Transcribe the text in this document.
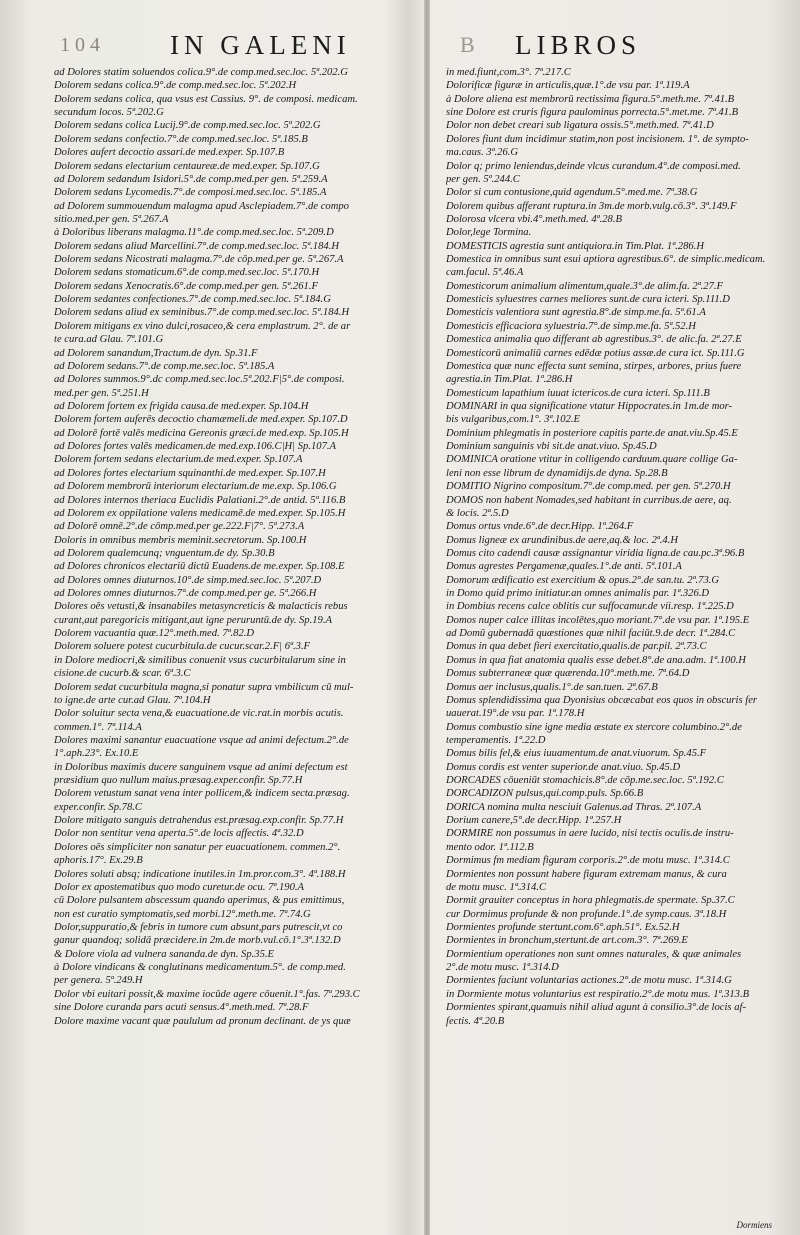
IN GALENI	LIBROS
104	B
ad Dolores statim soluendos colica.9°.de comp.med.sec.loc. 5ª.202.G
Dolorem sedans colica.9°.de comp.med.sec.loc. 5ª.202.H
Dolorem sedans colica, qua vsus est Cassius. 9°. de composi. medicam.
secundum locos. 5ª.202.G
Dolorem sedans colica Lucij.9°.de comp.med.sec.loc. 5ª.202.G
Dolorem sedans confectio.7°.de comp.med.sec.loc. 5ª.185.B
Dolores aufert decoctio assari.de med.exper. Sp.107.B
Dolorem sedans electarium centaureæ.de med.exper. Sp.107.G
ad Dolorem sedandum Isidori.5°.de comp.med.per gen. 5ª.259.A
Dolorem sedans Lycomedis.7°.de composi.med.sec.loc. 5ª.185.A
ad Dolorem summouendum malagma apud Asclepiadem.7°.de compo
sitio.med.per gen. 5ª.267.A
à Doloribus liberans malagma.11°.de comp.med.sec.loc. 5ª.209.D
Dolorem sedans aliud Marcellini.7°.de comp.med.sec.loc. 5ª.184.H
Dolorem sedans Nicostrati malagma.7°.de cōp.med.per ge. 5ª.267.A
Dolorem sedans stomaticum.6°.de comp.med.sec.loc. 5ª.170.H
Dolorem sedans Xenocratis.6°.de comp.med.per gen. 5ª.261.F
Dolorem sedantes confectiones.7°.de comp.med.sec.loc. 5ª.184.G
Dolorem sedans aliud ex seminibus.7°.de comp.med.sec.loc. 5ª.184.H
Dolorem mitigans ex vino dulci,rosaceo,& cera emplastrum. 2°. de ar
te cura.ad Glau. 7ª.101.G
ad Dolorem sanandum,Tractum.de dyn. Sp.31.F
ad Dolorem sedans.7°.de comp.me.sec.loc. 5ª.185.A
ad Dolores summos.9°.dc comp.med.sec.loc.5ª.202.F|5°.de composi.
med.per gen. 5ª.251.H
ad Dolorem fortem ex frigida causa.de med.exper. Sp.104.H
Dolorem fortem auferēs decoctio chamæmeli.de med.exper. Sp.107.D
ad Dolorē fortē valēs medicina Gereonis græci.de med.exp. Sp.105.H
ad Dolores fortes valēs medicamen.de med.exp.106.C|H| Sp.107.A
Dolorem fortem sedans electarium.de med.exper. Sp.107.A
ad Dolores fortes electarium squinanthi.de med.exper. Sp.107.H
ad Dolorem membrorū interiorum electarium.de me.exp. Sp.106.G
ad Dolores internos theriaca Euclidis Palatiani.2°.de antid. 5ª.116.B
ad Dolorem ex oppilatione valens medicamē.de med.exper. Sp.105.H
ad Dolorē omnē.2°.de cōmp.med.per ge.222.F|7°. 5ª.273.A
Doloris in omnibus membris meminit.secretorum. Sp.100.H
ad Dolorem qualemcunq; vnguentum.de dy. Sp.30.B
ad Dolores chronicos electariū dictū Euadens.de me.exper. Sp.108.E
ad Dolores omnes diuturnos.10°.de simp.med.sec.loc. 5ª.207.D
ad Dolores omnes diuturnos.7°.de comp.med.per ge. 5ª.266.H
Dolores oēs vetusti,& insanabiles metasyncreticis & malacticis rebus
curant,aut paregoricis mitigant,aut igne peruruntū.de dy. Sp.19.A
Dolorem vacuantia quæ.12°.meth.med. 7ª.82.D
Dolorem soluere potest cucurbitula.de cucur.scar.2.F| 6ª.3.F
in Dolore mediocri,& similibus conuenit vsus cucurbitularum sine in
cisione.de cucurb.& scar. 6ª.3.C
Dolorem sedat cucurbitula magna,si ponatur supra vmbilicum cū mul-
to igne.de arte cur.ad Glau. 7ª.104.H
Dolor soluitur secta vena,& euacuatione.de vic.rat.in morbis acutis.
commen.1°. 7ª.114.A
Dolores maximi sanantur euacuatione vsque ad animi defectum.2°.de
1°.aph.23°. Ex.10.E
in Doloribus maximis ducere sanguinem vsque ad animi defectum est
præsidium quo nullum maius.præsag.exper.confir. Sp.77.H
Dolorem vetustum sanat vena inter pollicem,& indicem secta.præsag.
exper.confir. Sp.78.C
Dolore mitigato sanguis detrahendus est.præsag.exp.confir. Sp.77.H
Dolor non sentitur vena aperta.5°.de locis affectis. 4ª.32.D
Dolores oēs simpliciter non sanatur per euacuationem. commen.2°.
aphoris.17°. Ex.29.B
Dolores soluti absq; indicatione inutiles.in 1m.pror.com.3°. 4ª.188.H
Dolor ex apostematibus quo modo curetur.de ocu. 7ª.190.A
cū Dolore pulsantem abscessum quando aperimus, & pus emittimus,
non est curatio symptomatis,sed morbi.12°.meth.me. 7ª.74.G
Dolor,suppuratio,& febris in tumore cum absunt,pars putrescit,vt co
ganur quandoq; solidā præcidere.in 2m.de morb.vul.cō.1°.3ª.132.D
& Dolore viola ad vulnera sananda.de dyn. Sp.35.E
à Dolore vindicans & conglutinans medicamentum.5°. de comp.med.
per genera. 5ª.249.H
Dolor vbi euitari possit,& maxime iocūde agere cōuenit.1°.fas. 7ª.293.C
sine Dolore curanda pars acuti sensus.4°.meth.med. 7ª.28.F
Dolore maxime vacant quæ paululum ad pronum declinant. de ys quæ
in med.fiunt,com.3°. 7ª.217.C
Dolorificæ figuræ in articulis,quæ.1°.de vsu par. 1ª.119.A
à Dolore aliena est membrorū rectissima figura.5°.meth.me. 7ª.41.B
sine Dolore est cruris figura paulominus porrecta.5°.met.me. 7ª.41.B
Dolor non debet creari sub ligatura ossis.5°.meth.med. 7ª.41.D
Dolores fiunt dum incidimur statim,non post incisionem. 1°. de sympto-
ma.caus. 3ª.26.G
Dolor q; primo leniendus,deinde vlcus curandum.4°.de composi.med.
per gen. 5ª.244.C
Dolor si cum contusione,quid agendum.5°.med.me. 7ª.38.G
Dolorem quibus afferant ruptura.in 3m.de morb.vulg.cō.3°. 3ª.149.F
Dolorosa vlcera vbi.4°.meth.med. 4ª.28.B
Dolor,lege Tormina.
DOMESTICIS agrestia sunt antiquiora.in Tim.Plat. 1ª.286.H
Domestica in omnibus sunt esui aptiora agrestibus.6°. de simplic.medicam.
cam.facul. 5ª.46.A
Domesticorum animalium alimentum,quale.3°.de alim.fa. 2ª.27.F
Domesticis syluestres carnes meliores sunt.de cura icteri. Sp.111.D
Domesticis valentiora sunt agrestia.8°.de simp.me.fa. 5ª.61.A
Domesticis efficaciora syluestria.7°.de simp.me.fa. 5ª.52.H
Domestica animalia quo differant ab agrestibus.3°. de alic.fa. 2ª.27.E
Domesticorū animaliū carnes edēdæ potius assæ.de cura ict. Sp.111.G
Domestica quæ nunc effecta sunt semina, stirpes, arbores, prius fuere
agrestia.in Tim.Plat. 1ª.286.H
Domesticum lapathium iuuat ictericos.de cura icteri. Sp.111.B
DOMINARI in qua significatione vtatur Hippocrates.in 1m.de mor-
bis vulgaribus,com.1°. 3ª.102.E
Dominium phlegmatis in posteriore capitis parte.de anat.viu.Sp.45.E
Dominium sanguinis vbi sit.de anat.viuo. Sp.45.D
DOMINICA oratione vtitur in colligendo carduum.quare collige Ga-
leni non esse librum de dynamidijs.de dyna. Sp.28.B
DOMITIO Nigrino compositum.7°.de comp.med. per gen. 5ª.270.H
DOMOS non habent Nomades,sed habitant in curribus.de aere, aq.
& locis. 2ª.5.D
Domus ortus vnde.6°.de decr.Hipp. 1ª.264.F
Domus ligneæ ex arundinibus.de aere,aq.& loc. 2ª.4.H
Domus cito cadendi causæ assignantur viridia ligna.de cau.pc.3ª.96.B
Domus agrestes Pergamenæ,quales.1°.de anti. 5ª.101.A
Domorum ædificatio est exercitium & opus.2°.de san.tu. 2ª.73.G
in Domo quid primo initiatur.an omnes animalis par. 1ª.326.D
in Dombius recens calce oblitis cur suffocamur.de vii.resp. 1ª.225.D
Domos nuper calce illitas incolētes,quo moriant.7°.de vsu par. 1ª.195.E
ad Domū gubernadā quæstiones quæ nihil faciūt.9.de decr. 1ª.284.C
Domus in qua debet fieri exercitatio,qualis.de par.pil. 2ª.73.C
Domus in qua fiat anatomia qualis esse debet.8°.de ana.adm. 1ª.100.H
Domus subterraneæ quæ quærenda.10°.meth.me. 7ª.64.D
Domus aer inclusus,qualis.1°.de san.tuen. 2ª.67.B
Domus splendidissima qua Dyonisius obcæcabat eos quos in obscuris fer
uauerat.19°.de vsu par. 1ª.178.H
Domus combustio sine igne media æstate ex stercore columbino.2°.de
temperamentis. 1ª.22.D
Domus bilis fel,& eius iuuamentum.de anat.viuorum. Sp.45.F
Domus cordis est venter superior.de anat.viuo. Sp.45.D
DORCADES cōueniūt stomachicis.8°.de cōp.me.sec.loc. 5ª.192.C
DORCADIZON pulsus,qui.comp.puls. Sp.66.B
DORICA nomina multa nesciuit Galenus.ad Thras. 2ª.107.A
Dorium canere,5°.de decr.Hipp. 1ª.257.H
DORMIRE non possumus in aere lucido, nisi tectis oculis.de instru-
mento odor. 1ª.112.B
Dormimus fm mediam figuram corporis.2°.de motu musc. 1ª.314.C
Dormientes non possunt habere figuram extremam manus, & cura
de motu musc. 1ª.314.C
Dormit grauiter conceptus in hora phlegmatis.de spermate. Sp.37.C
cur Dormimus profunde & non profunde.1°.de symp.caus. 3ª.18.H
Dormientes profunde stertunt.com.6°.aph.51°. Ex.52.H
Dormientes in bronchum,stertunt.de art.com.3°. 7ª.269.E
Dormientium operationes non sunt omnes naturales, & quæ animales
2°.de motu musc. 1ª.314.D
Dormientes faciunt voluntarias actiones.2°.de motu musc. 1ª.314.G
in Dormiente motus voluntarius est respiratio.2°.de motu mus. 1ª.313.B
Dormientes spirant,quamuis nihil aliud agunt à consilio.3°.de locis af-
fectis. 4ª.20.B
Dormiens
